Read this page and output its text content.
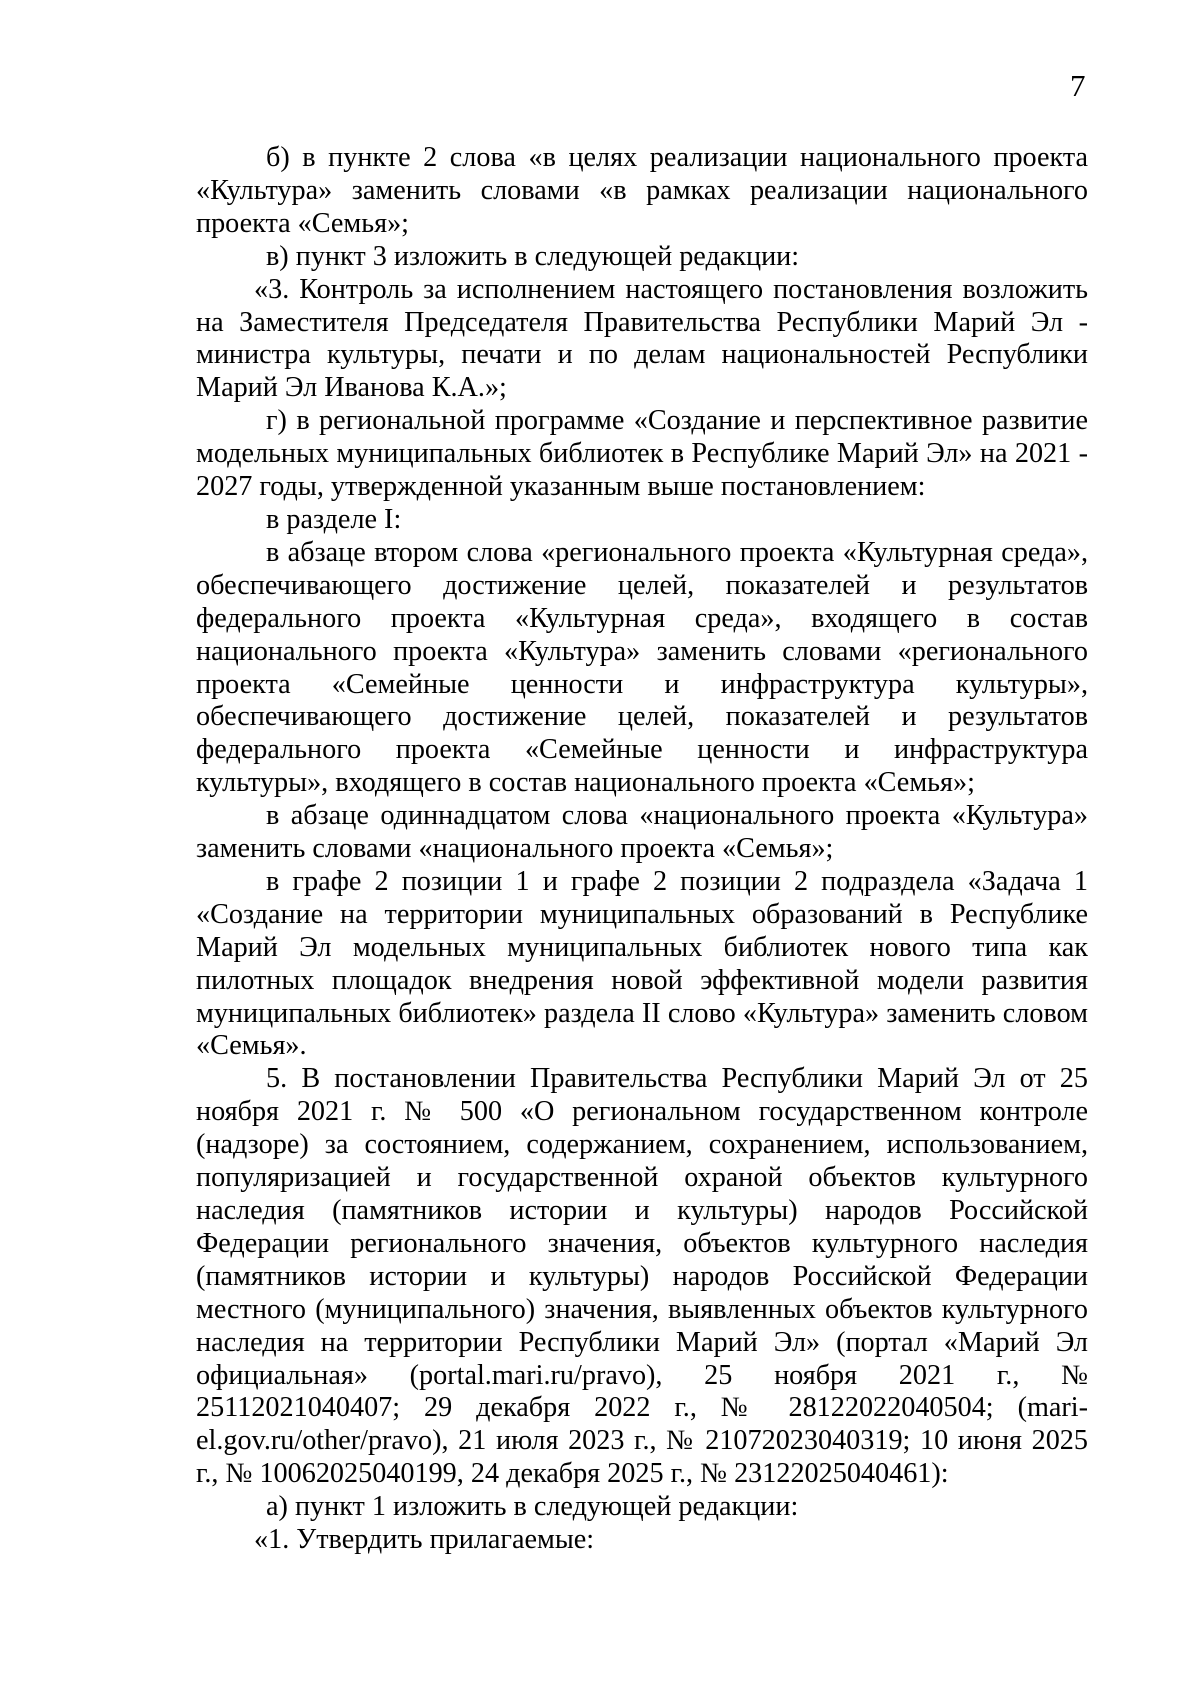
7

б) в пункте 2 слова «в целях реализации национального проекта «Культура» заменить словами «в рамках реализации национального проекта «Семья»;

в) пункт 3 изложить в следующей редакции:

«3. Контроль за исполнением настоящего постановления возложить на Заместителя Председателя Правительства Республики Марий Эл - министра культуры, печати и по делам национальностей Республики Марий Эл Иванова К.А.»;

г) в региональной программе «Создание и перспективное развитие модельных муниципальных библиотек в Республике Марий Эл» на 2021 - 2027 годы, утвержденной указанным выше постановлением:

в разделе I:

в абзаце втором слова «регионального проекта «Культурная среда», обеспечивающего достижение целей, показателей и результатов федерального проекта «Культурная среда», входящего в состав национального проекта «Культура» заменить словами «регионального проекта «Семейные ценности и инфраструктура культуры», обеспечивающего достижение целей, показателей и результатов федерального проекта «Семейные ценности и инфраструктура культуры», входящего в состав национального проекта «Семья»;

в абзаце одиннадцатом слова «национального проекта «Культура» заменить словами «национального проекта «Семья»;

в графе 2 позиции 1 и графе 2 позиции 2 подраздела «Задача 1 «Создание на территории муниципальных образований в Республике Марий Эл модельных муниципальных библиотек нового типа как пилотных площадок внедрения новой эффективной модели развития муниципальных библиотек» раздела II слово «Культура» заменить словом «Семья».

5. В постановлении Правительства Республики Марий Эл от 25 ноября 2021 г. № 500 «О региональном государственном контроле (надзоре) за состоянием, содержанием, сохранением, использованием, популяризацией и государственной охраной объектов культурного наследия (памятников истории и культуры) народов Российской Федерации регионального значения, объектов культурного наследия (памятников истории и культуры) народов Российской Федерации местного (муниципального) значения, выявленных объектов культурного наследия на территории Республики Марий Эл» (портал «Марий Эл официальная» (portal.mari.ru/pravo), 25 ноября 2021 г., № 25112021040407; 29 декабря 2022 г., № 28122022040504; (mari-el.gov.ru/other/pravo), 21 июля 2023 г., № 21072023040319; 10 июня 2025 г., № 10062025040199, 24 декабря 2025 г., № 23122025040461):

а) пункт 1 изложить в следующей редакции:

«1. Утвердить прилагаемые:
